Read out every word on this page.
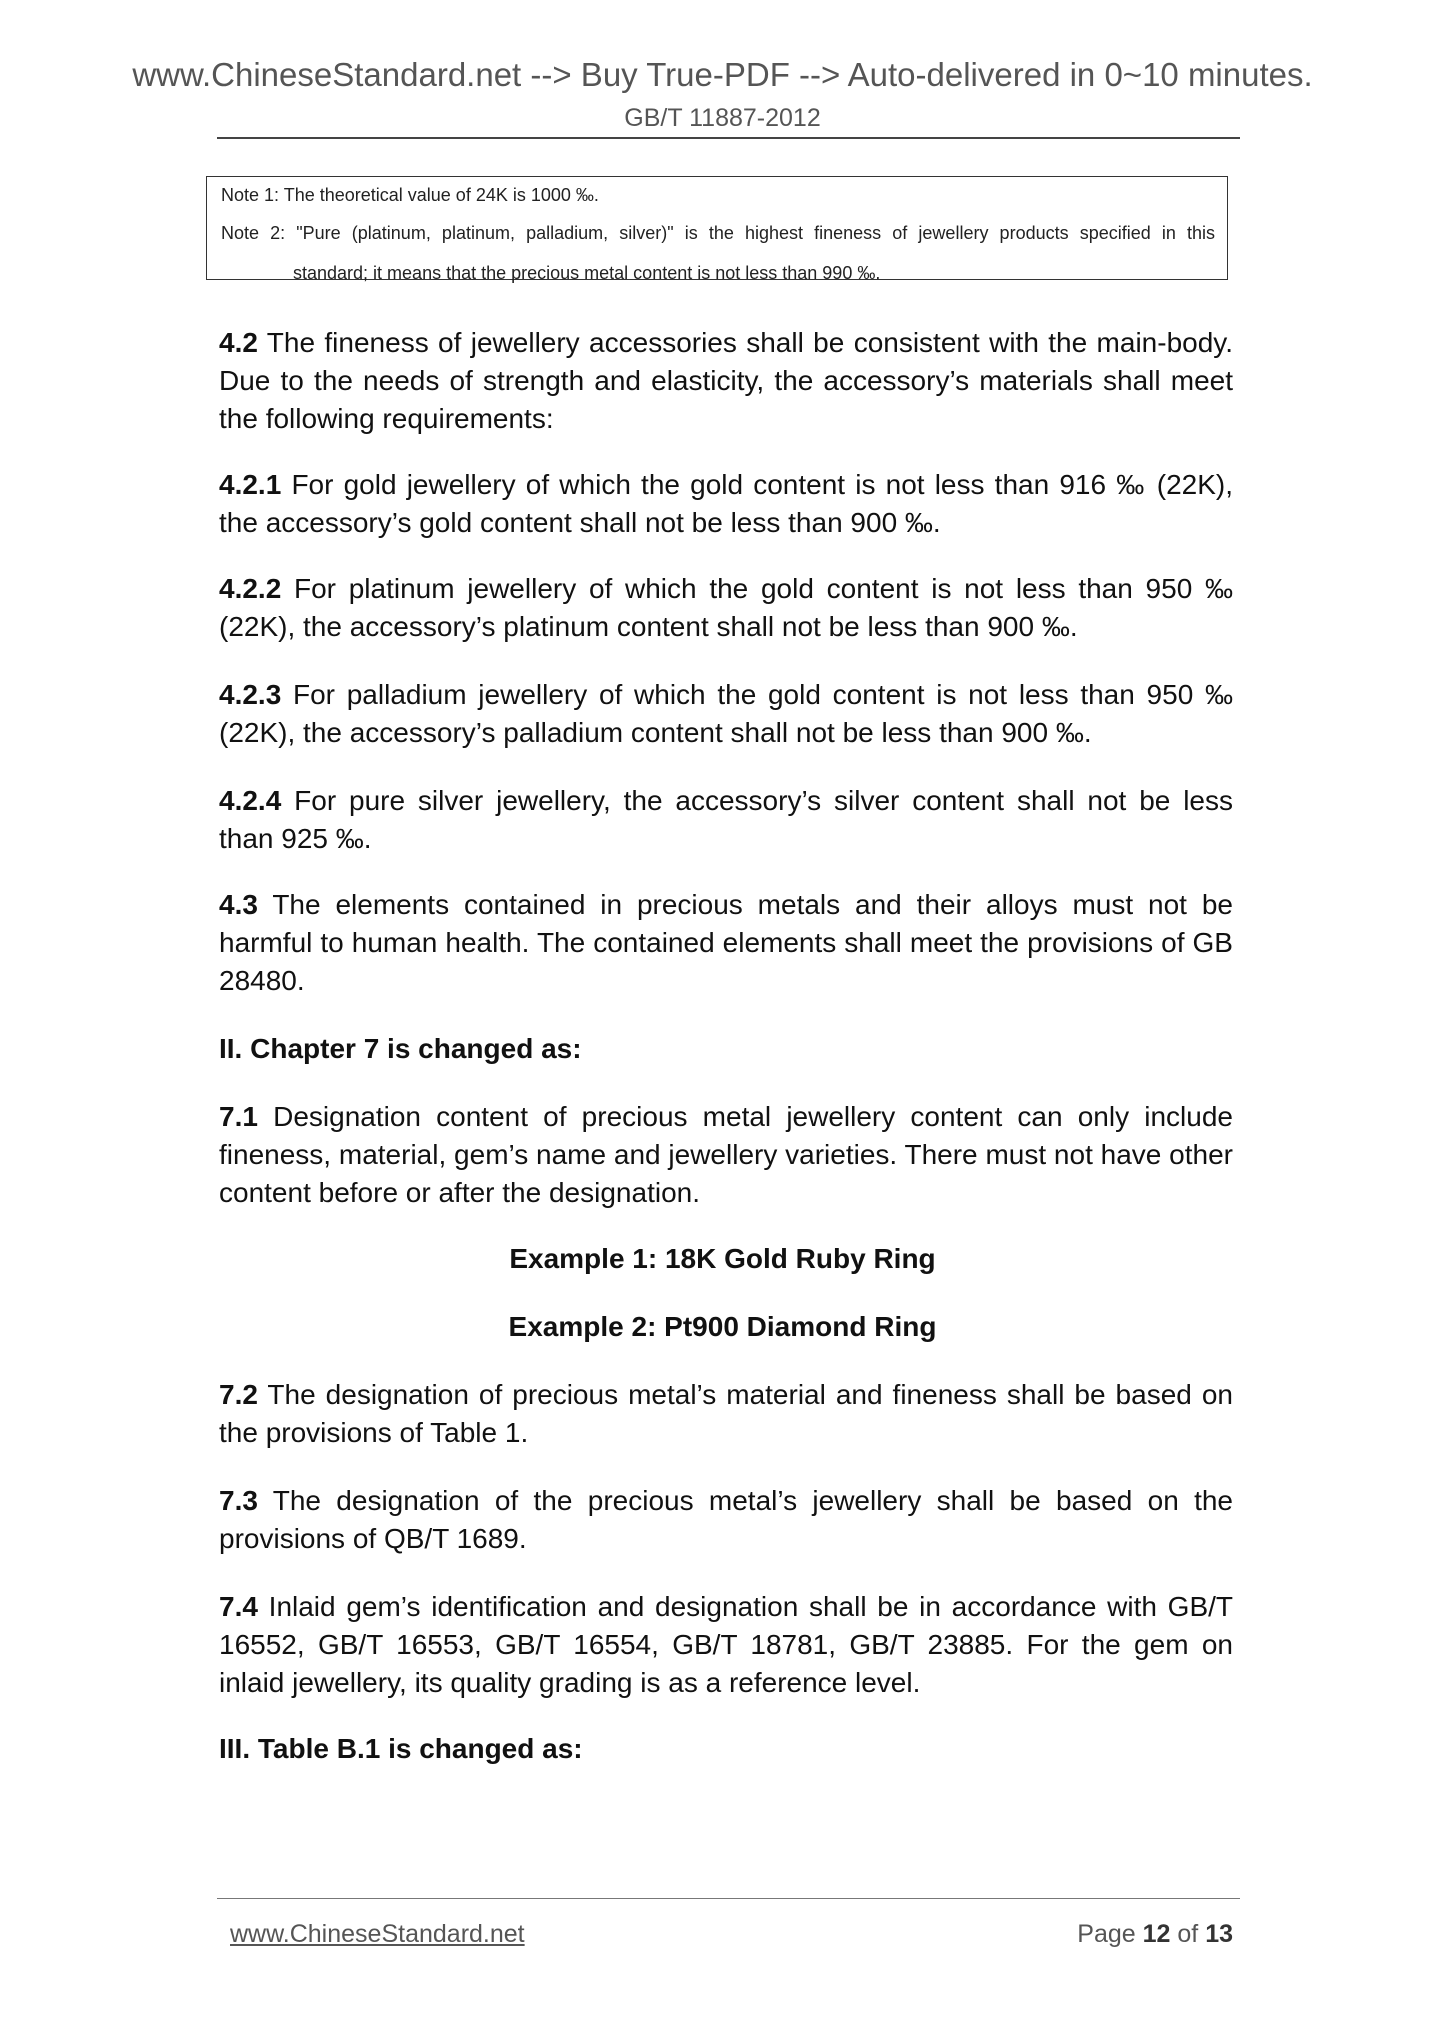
www.ChineseStandard.net --> Buy True-PDF --> Auto-delivered in 0~10 minutes.
GB/T 11887-2012
Note 1: The theoretical value of 24K is 1000 ‰.
Note 2: "Pure (platinum, platinum, palladium, silver)" is the highest fineness of jewellery products specified in this
standard; it means that the precious metal content is not less than 990 ‰.
4.2 The fineness of jewellery accessories shall be consistent with the main-body. Due to the needs of strength and elasticity, the accessory’s materials shall meet the following requirements:
4.2.1 For gold jewellery of which the gold content is not less than 916 ‰ (22K), the accessory’s gold content shall not be less than 900 ‰.
4.2.2 For platinum jewellery of which the gold content is not less than 950 ‰ (22K), the accessory’s platinum content shall not be less than 900 ‰.
4.2.3 For palladium jewellery of which the gold content is not less than 950 ‰ (22K), the accessory’s palladium content shall not be less than 900 ‰.
4.2.4 For pure silver jewellery, the accessory’s silver content shall not be less than 925 ‰.
4.3 The elements contained in precious metals and their alloys must not be harmful to human health. The contained elements shall meet the provisions of GB 28480.
II. Chapter 7 is changed as:
7.1 Designation content of precious metal jewellery content can only include fineness, material, gem’s name and jewellery varieties. There must not have other content before or after the designation.
Example 1: 18K Gold Ruby Ring
Example 2: Pt900 Diamond Ring
7.2 The designation of precious metal’s material and fineness shall be based on the provisions of Table 1.
7.3 The designation of the precious metal’s jewellery shall be based on the provisions of QB/T 1689.
7.4 Inlaid gem’s identification and designation shall be in accordance with GB/T 16552, GB/T 16553, GB/T 16554, GB/T 18781, GB/T 23885. For the gem on inlaid jewellery, its quality grading is as a reference level.
III. Table B.1 is changed as:
www.ChineseStandard.net	Page 12 of 13
